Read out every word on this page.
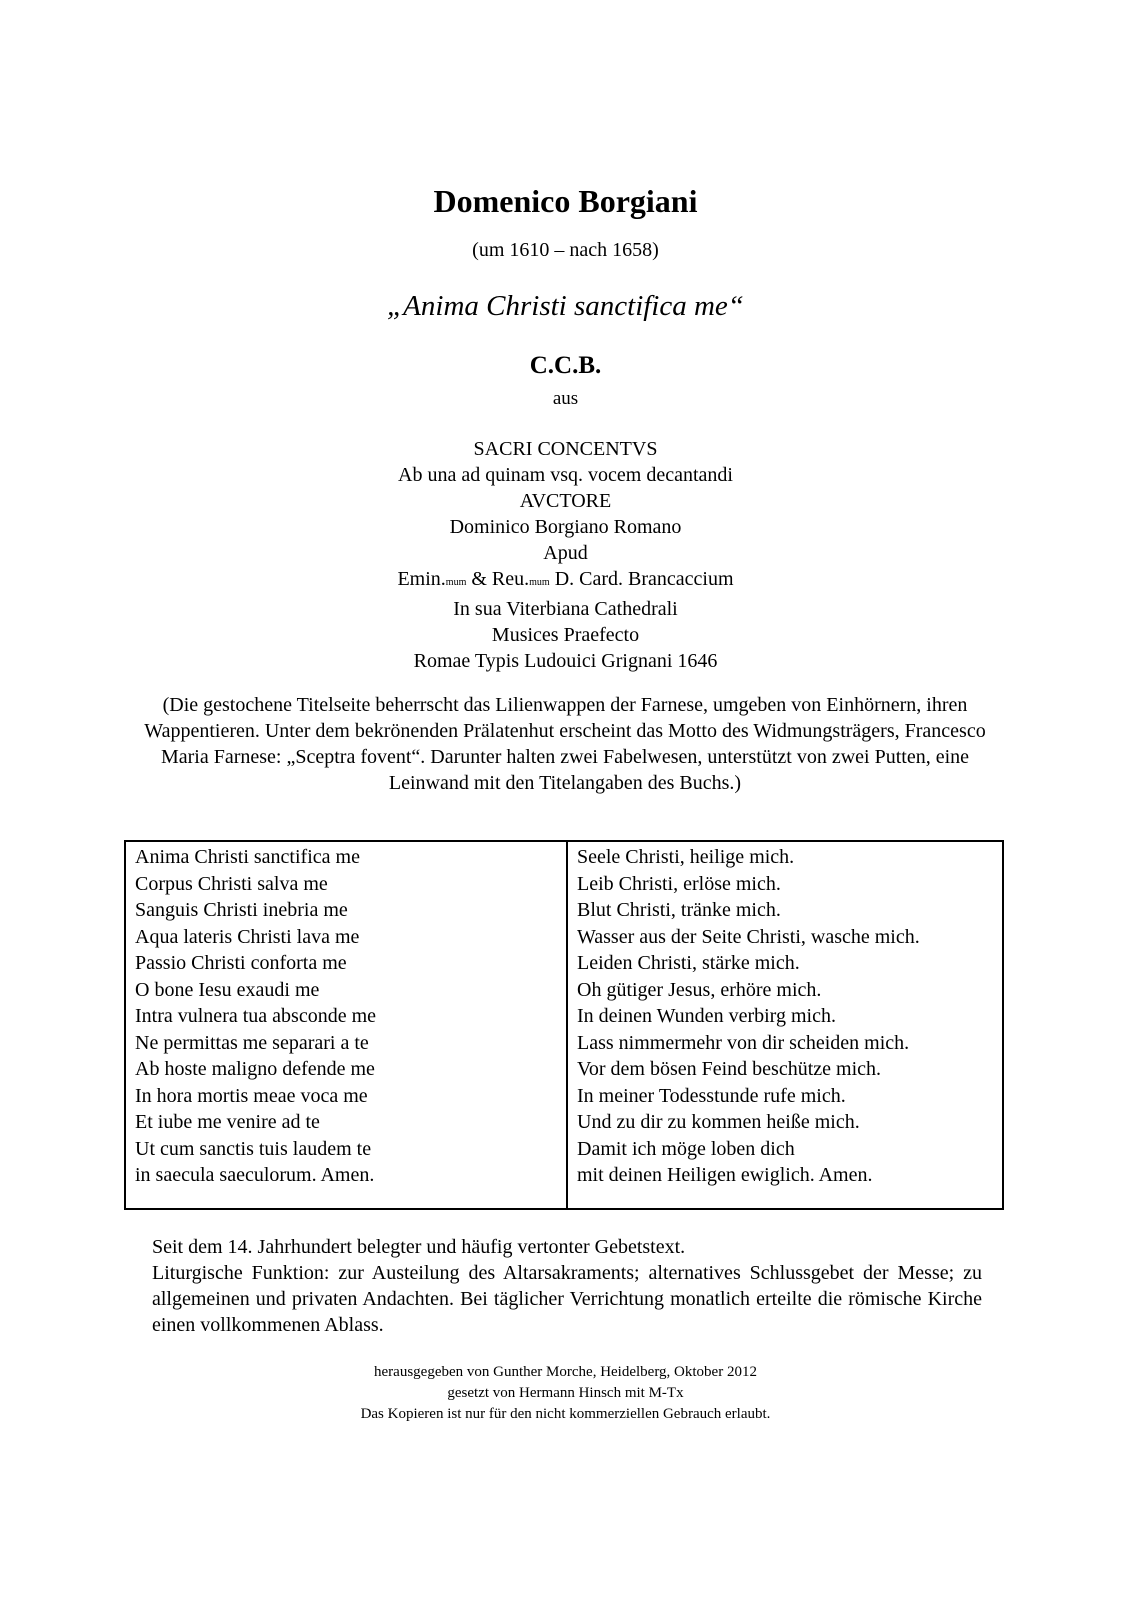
Domenico Borgiani
(um 1610 – nach 1658)
„Anima Christi sanctifica me“
C.C.B.
aus
SACRI CONCENTVS
Ab una ad quinam vsq. vocem decantandi
AVCTORE
Dominico Borgiano Romano
Apud
Emin.mum & Reu.mum D. Card. Brancaccium
In sua Viterbiana Cathedrali
Musices Praefecto
Romae Typis Ludouici Grignani 1646
(Die gestochene Titelseite beherrscht das Lilienwappen der Farnese, umgeben von Einhörnern, ihren Wappentieren. Unter dem bekrönenden Prälatenhut erscheint das Motto des Widmungsträgers, Francesco Maria Farnese: „Sceptra fovent“. Darunter halten zwei Fabelwesen, unterstützt von zwei Putten, eine Leinwand mit den Titelangaben des Buchs.)
Anima Christi sanctifica me
Corpus Christi salva me
Sanguis Christi inebria me
Aqua lateris Christi lava me
Passio Christi conforta me
O bone Iesu exaudi me
Intra vulnera tua absconde me
Ne permittas me separari a te
Ab hoste maligno defende me
In hora mortis meae voca me
Et iube me venire ad te
Ut cum sanctis tuis laudem te
in saecula saeculorum. Amen.
Seele Christi, heilige mich.
Leib Christi, erlöse mich.
Blut Christi, tränke mich.
Wasser aus der Seite Christi, wasche mich.
Leiden Christi, stärke mich.
Oh gütiger Jesus, erhöre mich.
In deinen Wunden verbirg mich.
Lass nimmermehr von dir scheiden mich.
Vor dem bösen Feind beschütze mich.
In meiner Todesstunde rufe mich.
Und zu dir zu kommen heiße mich.
Damit ich möge loben dich
mit deinen Heiligen ewiglich. Amen.

Seit dem 14. Jahrhundert belegter und häufig vertonter Gebetstext.

Liturgische Funktion: zur Austeilung des Altarsakraments; alternatives Schlussgebet der Messe; zu allgemeinen und privaten Andachten. Bei täglicher Verrichtung monatlich erteilte die römische Kirche einen vollkommenen Ablass.

herausgegeben von Gunther Morche, Heidelberg, Oktober 2012
gesetzt von Hermann Hinsch mit M-Tx
Das Kopieren ist nur für den nicht kommerziellen Gebrauch erlaubt.
